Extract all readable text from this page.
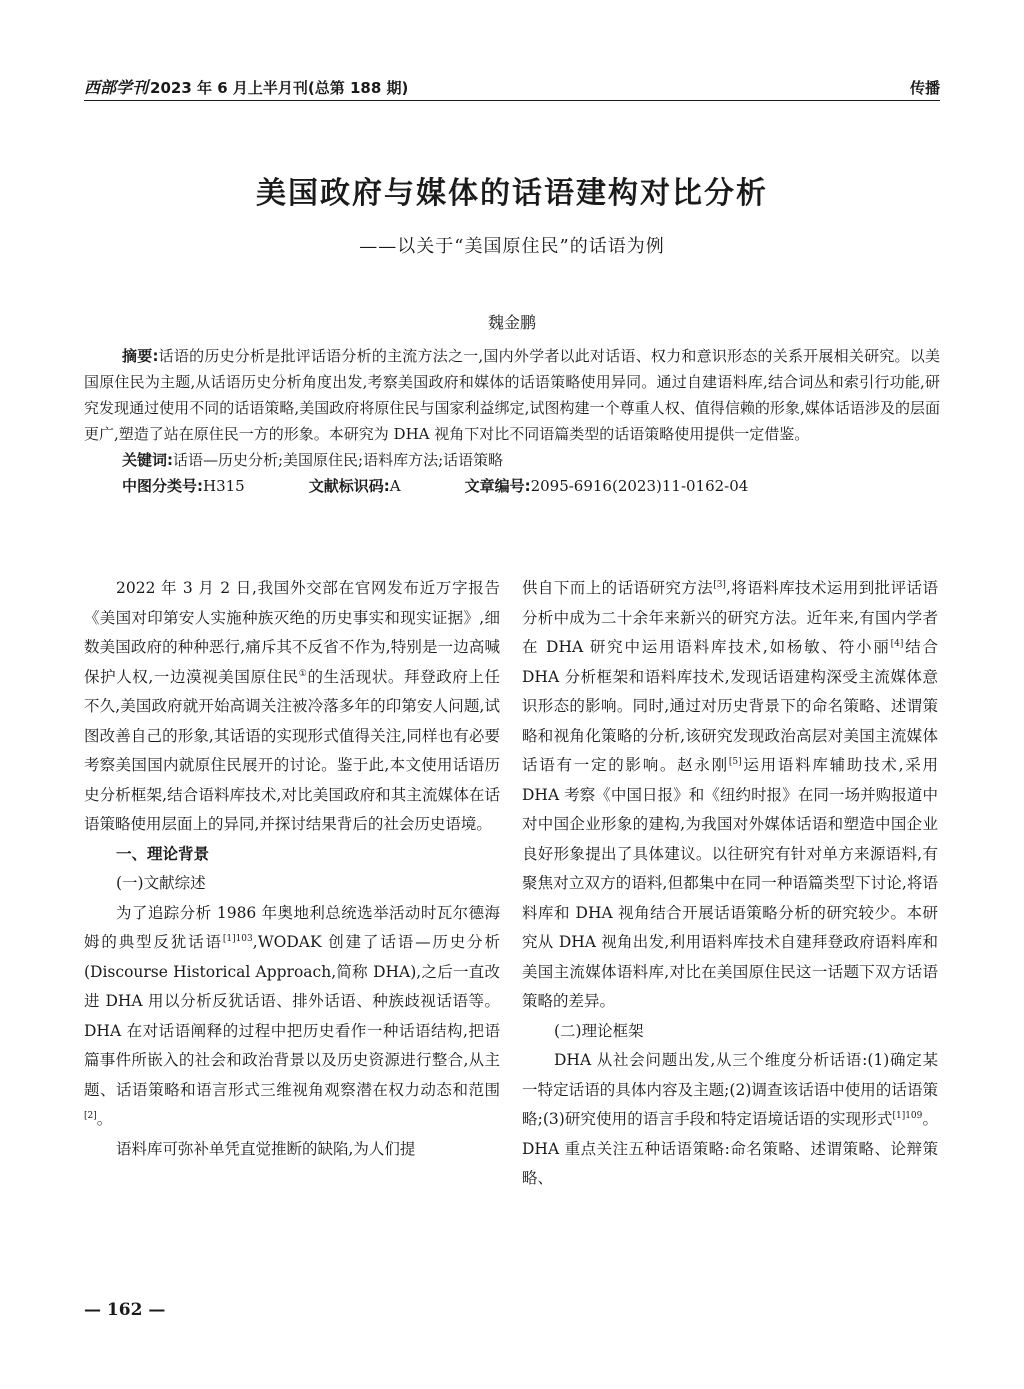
西部学刊 2023 年 6 月上半月刊(总第 188 期)	传播
美国政府与媒体的话语建构对比分析
——以关于“美国原住民”的话语为例
魏金鹏

摘要:话语的历史分析是批评话语分析的主流方法之一,国内外学者以此对话语、权力和意识形态的关系开展相关研究。以美国原住民为主题,从话语历史分析角度出发,考察美国政府和媒体的话语策略使用异同。通过自建语料库,结合词丛和索引行功能,研究发现通过使用不同的话语策略,美国政府将原住民与国家利益绑定,试图构建一个尊重人权、值得信赖的形象,媒体话语涉及的层面更广,塑造了站在原住民一方的形象。本研究为 DHA 视角下对比不同语篇类型的话语策略使用提供一定借鉴。

关键词:话语—历史分析;美国原住民;语料库方法;话语策略

中图分类号:H315	文献标识码:A	文章编号:2095-6916(2023)11-0162-04

2022 年 3 月 2 日,我国外交部在官网发布近万字报告《美国对印第安人实施种族灭绝的历史事实和现实证据》,细数美国政府的种种恶行,痛斥其不反省不作为,特别是一边高喊保护人权,一边漠视美国原住民①的生活现状。拜登政府上任不久,美国政府就开始高调关注被冷落多年的印第安人问题,试图改善自己的形象,其话语的实现形式值得关注,同样也有必要考察美国国内就原住民展开的讨论。鉴于此,本文使用话语历史分析框架,结合语料库技术,对比美国政府和其主流媒体在话语策略使用层面上的异同,并探讨结果背后的社会历史语境。

一、理论背景
(一)文献综述

为了追踪分析 1986 年奥地利总统选举活动时瓦尔德海姆的典型反犹话语$^{[1]103}$,WODAK 创建了话语—历史分析(Discourse Historical Approach,简称 DHA),之后一直改进 DHA 用以分析反犹话语、排外话语、种族歧视话语等。DHA 在对话语阐释的过程中把历史看作一种话语结构,把语篇事件所嵌入的社会和政治背景以及历史资源进行整合,从主题、话语策略和语言形式三维视角观察潜在权力动态和范围[2]。

语料库可弥补单凭直觉推断的缺陷,为人们提

供自下而上的话语研究方法[3],将语料库技术运用到批评话语分析中成为二十余年来新兴的研究方法。近年来,有国内学者在 DHA 研究中运用语料库技术,如杨敏、符小丽[4]结合 DHA 分析框架和语料库技术,发现话语建构深受主流媒体意识形态的影响。同时,通过对历史背景下的命名策略、述谓策略和视角化策略的分析,该研究发现政治高层对美国主流媒体话语有一定的影响。赵永刚[5]运用语料库辅助技术,采用 DHA 考察《中国日报》和《纽约时报》在同一场并购报道中对中国企业形象的建构,为我国对外媒体话语和塑造中国企业良好形象提出了具体建议。以往研究有针对单方来源语料,有聚焦对立双方的语料,但都集中在同一种语篇类型下讨论,将语料库和 DHA 视角结合开展话语策略分析的研究较少。本研究从 DHA 视角出发,利用语料库技术自建拜登政府语料库和美国主流媒体语料库,对比在美国原住民这一话题下双方话语策略的差异。

(二)理论框架

DHA 从社会问题出发,从三个维度分析话语:(1)确定某一特定话语的具体内容及主题;(2)调查该话语中使用的话语策略;(3)研究使用的语言手段和特定语境话语的实现形式$^{[1]109}$。DHA 重点关注五种话语策略:命名策略、述谓策略、论辩策略、

— 162 —
